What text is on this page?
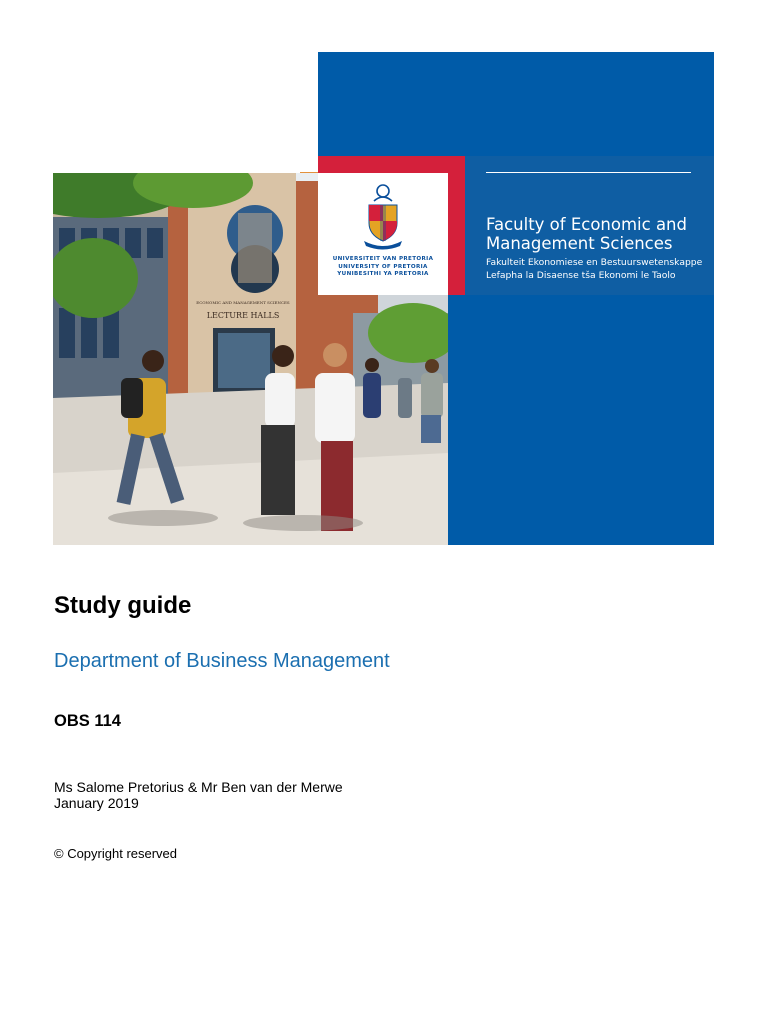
ECONOMIC AND MANAGEMENT SCIENCES
LECTURE HALLS
UNIVERSITEIT VAN PRETORIA
UNIVERSITY OF PRETORIA
YUNIBESITHI YA PRETORIA
Faculty of Economic and
Management Sciences
Fakulteit Ekonomiese en Bestuurswetenskappe
Lefapha la Disaense tša Ekonomi le Taolo
Study guide
Department of Business Management
OBS 114
Ms Salome Pretorius & Mr Ben van der Merwe
January 2019
© Copyright reserved
